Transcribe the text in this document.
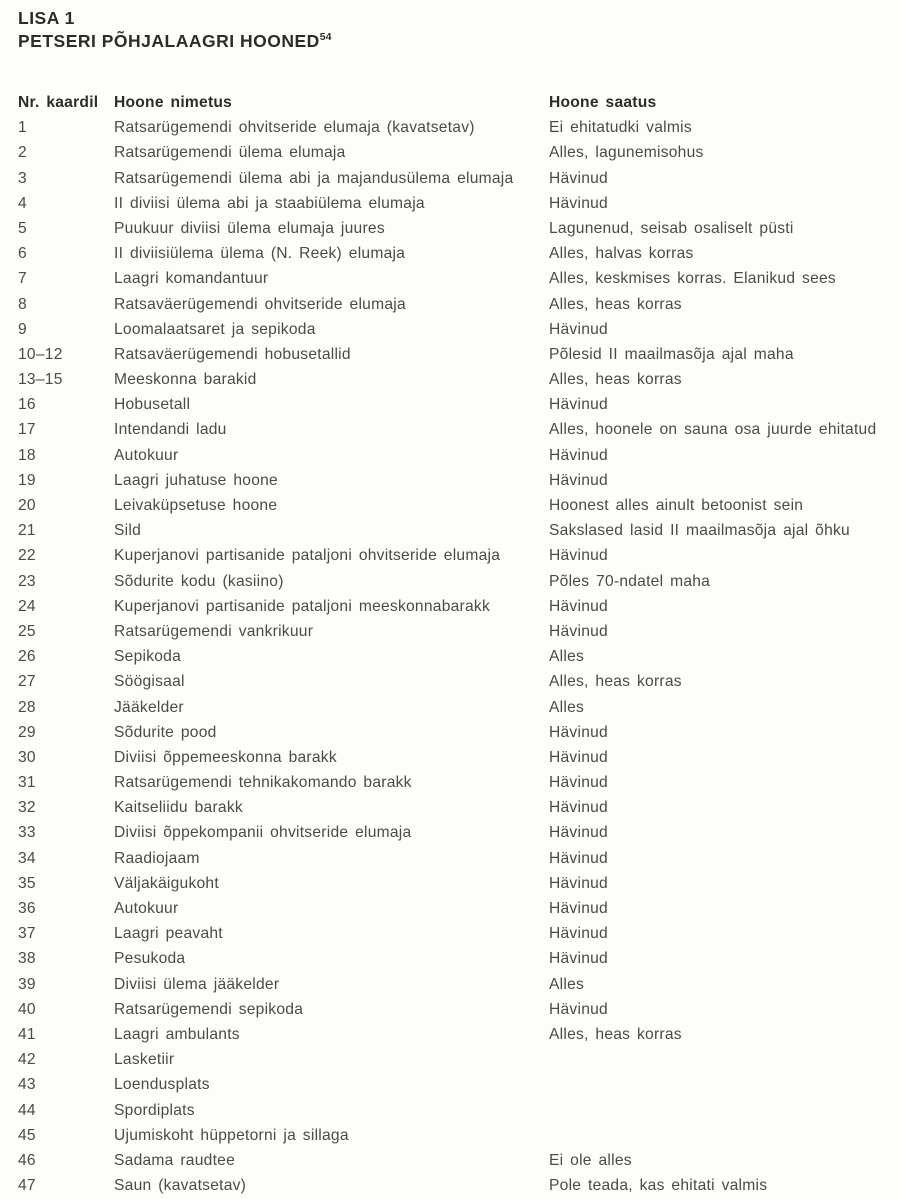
LISA 1

PETSERI PÕHJALAAGRI HOONED$^{54}$

Nr. kaardil	Hoone nimetus	Hoone saatus
1	Ratsarügemendi ohvitseride elumaja (kavatsetav)	Ei ehitatudki valmis
2	Ratsarügemendi ülema elumaja	Alles, lagunemisohus
3	Ratsarügemendi ülema abi ja majandusülema elumaja	Hävinud
4	II diviisi ülema abi ja staabiülema elumaja	Hävinud
5	Puukuur diviisi ülema elumaja juures	Lagunenud, seisab osaliselt püsti
6	II diviisiülema ülema (N. Reek) elumaja	Alles, halvas korras
7	Laagri komandantuur	Alles, keskmises korras. Elanikud sees
8	Ratsaväerügemendi ohvitseride elumaja	Alles, heas korras
9	Loomalaatsaret ja sepikoda	Hävinud
10–12	Ratsaväerügemendi hobusetallid	Põlesid II maailmasõja ajal maha
13–15	Meeskonna barakid	Alles, heas korras
16	Hobusetall	Hävinud
17	Intendandi ladu	Alles, hoonele on sauna osa juurde ehitatud
18	Autokuur	Hävinud
19	Laagri juhatuse hoone	Hävinud
20	Leivaküpsetuse hoone	Hoonest alles ainult betoonist sein
21	Sild	Sakslased lasid II maailmasõja ajal õhku
22	Kuperjanovi partisanide pataljoni ohvitseride elumaja	Hävinud
23	Sõdurite kodu (kasiino)	Põles 70-ndatel maha
24	Kuperjanovi partisanide pataljoni meeskonnabarakk	Hävinud
25	Ratsarügemendi vankrikuur	Hävinud
26	Sepikoda	Alles
27	Söögisaal	Alles, heas korras
28	Jääkelder	Alles
29	Sõdurite pood	Hävinud
30	Diviisi õppemeeskonna barakk	Hävinud
31	Ratsarügemendi tehnikakomando barakk	Hävinud
32	Kaitseliidu barakk	Hävinud
33	Diviisi õppekompanii ohvitseride elumaja	Hävinud
34	Raadiojaam	Hävinud
35	Väljakäigukoht	Hävinud
36	Autokuur	Hävinud
37	Laagri peavaht	Hävinud
38	Pesukoda	Hävinud
39	Diviisi ülema jääkelder	Alles
40	Ratsarügemendi sepikoda	Hävinud
41	Laagri ambulants	Alles, heas korras
42	Lasketiir
43	Loendusplats
44	Spordiplats
45	Ujumiskoht hüppetorni ja sillaga
46	Sadama raudtee	Ei ole alles
47	Saun (kavatsetav)	Pole teada, kas ehitati valmis
